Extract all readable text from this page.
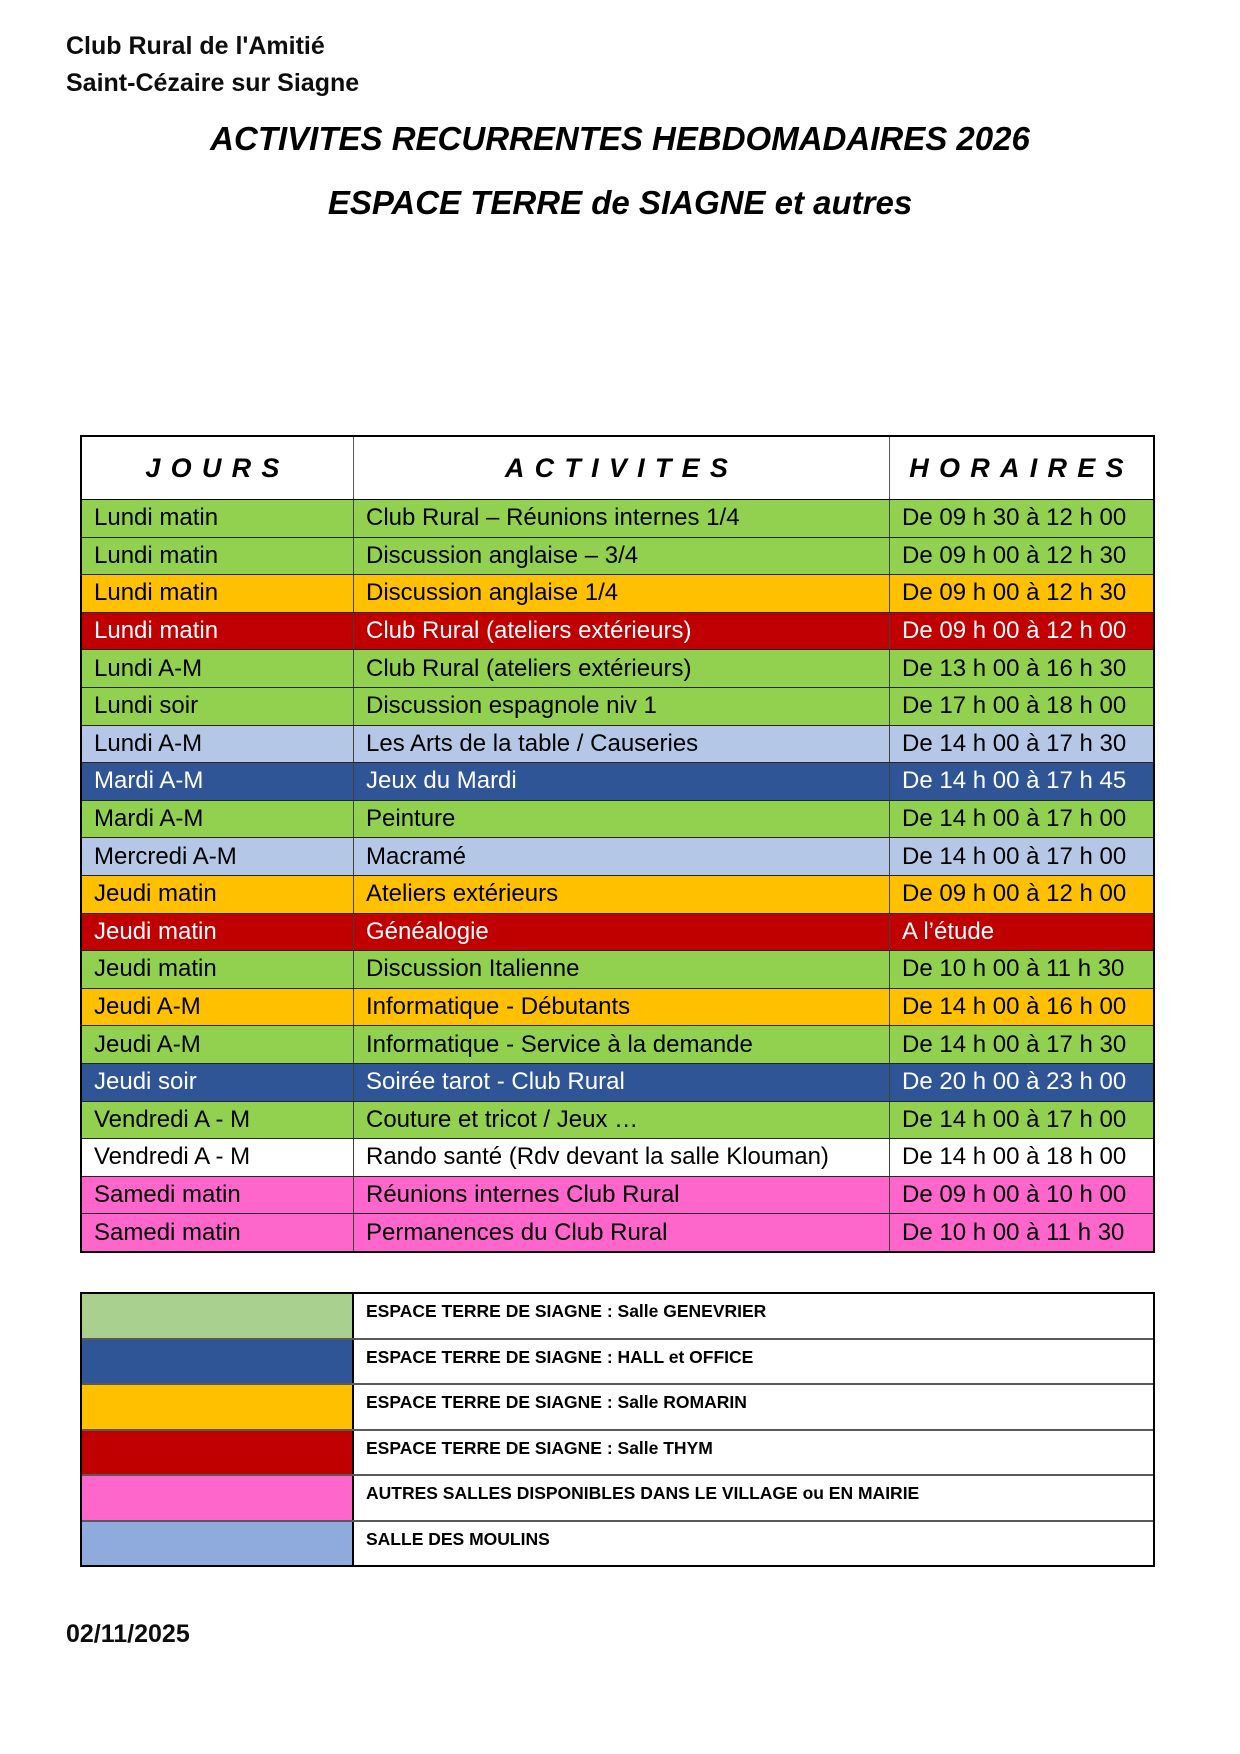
Club Rural de l'Amitié
Saint-Cézaire sur Siagne
ACTIVITES RECURRENTES HEBDOMADAIRES 2026
ESPACE TERRE de SIAGNE et autres
JOURS	ACTIVITES	HORAIRES
Lundi matin	Club Rural – Réunions internes 1/4	De 09 h 30 à 12 h 00
Lundi matin	Discussion anglaise – 3/4	De 09 h 00 à 12 h 30
Lundi matin	Discussion anglaise 1/4	De 09 h 00 à 12 h 30
Lundi matin	Club Rural (ateliers extérieurs)	De 09 h 00 à 12 h 00
Lundi A-M	Club Rural (ateliers extérieurs)	De 13 h 00 à 16 h 30
Lundi soir	Discussion espagnole niv 1	De 17 h 00 à 18 h 00
Lundi A-M	Les Arts de la table / Causeries	De 14 h 00 à 17 h 30
Mardi A-M	Jeux du Mardi	De 14 h 00 à 17 h 45
Mardi A-M	Peinture	De 14 h 00 à 17 h 00
Mercredi A-M	Macramé	De 14 h 00 à 17 h 00
Jeudi matin	Ateliers extérieurs	De 09 h 00 à 12 h 00
Jeudi matin	Généalogie	A l’étude
Jeudi matin	Discussion Italienne	De 10 h 00 à 11 h 30
Jeudi A-M	Informatique - Débutants	De 14 h 00 à 16 h 00
Jeudi A-M	Informatique - Service à la demande	De 14 h 00 à 17 h 30
Jeudi soir	Soirée tarot - Club Rural	De 20 h 00 à 23 h 00
Vendredi A - M	Couture et tricot / Jeux …	De 14 h 00 à 17 h 00
Vendredi A - M	Rando santé (Rdv devant la salle Klouman)	De 14 h 00 à 18 h 00
Samedi matin	Réunions internes Club Rural	De 09 h 00 à 10 h 00
Samedi matin	Permanences du Club Rural	De 10 h 00 à 11 h 30
ESPACE TERRE DE SIAGNE : Salle GENEVRIER
ESPACE TERRE DE SIAGNE : HALL et OFFICE
ESPACE TERRE DE SIAGNE : Salle ROMARIN
ESPACE TERRE DE SIAGNE : Salle THYM
AUTRES SALLES DISPONIBLES DANS LE VILLAGE ou EN MAIRIE
SALLE DES MOULINS
02/11/2025
